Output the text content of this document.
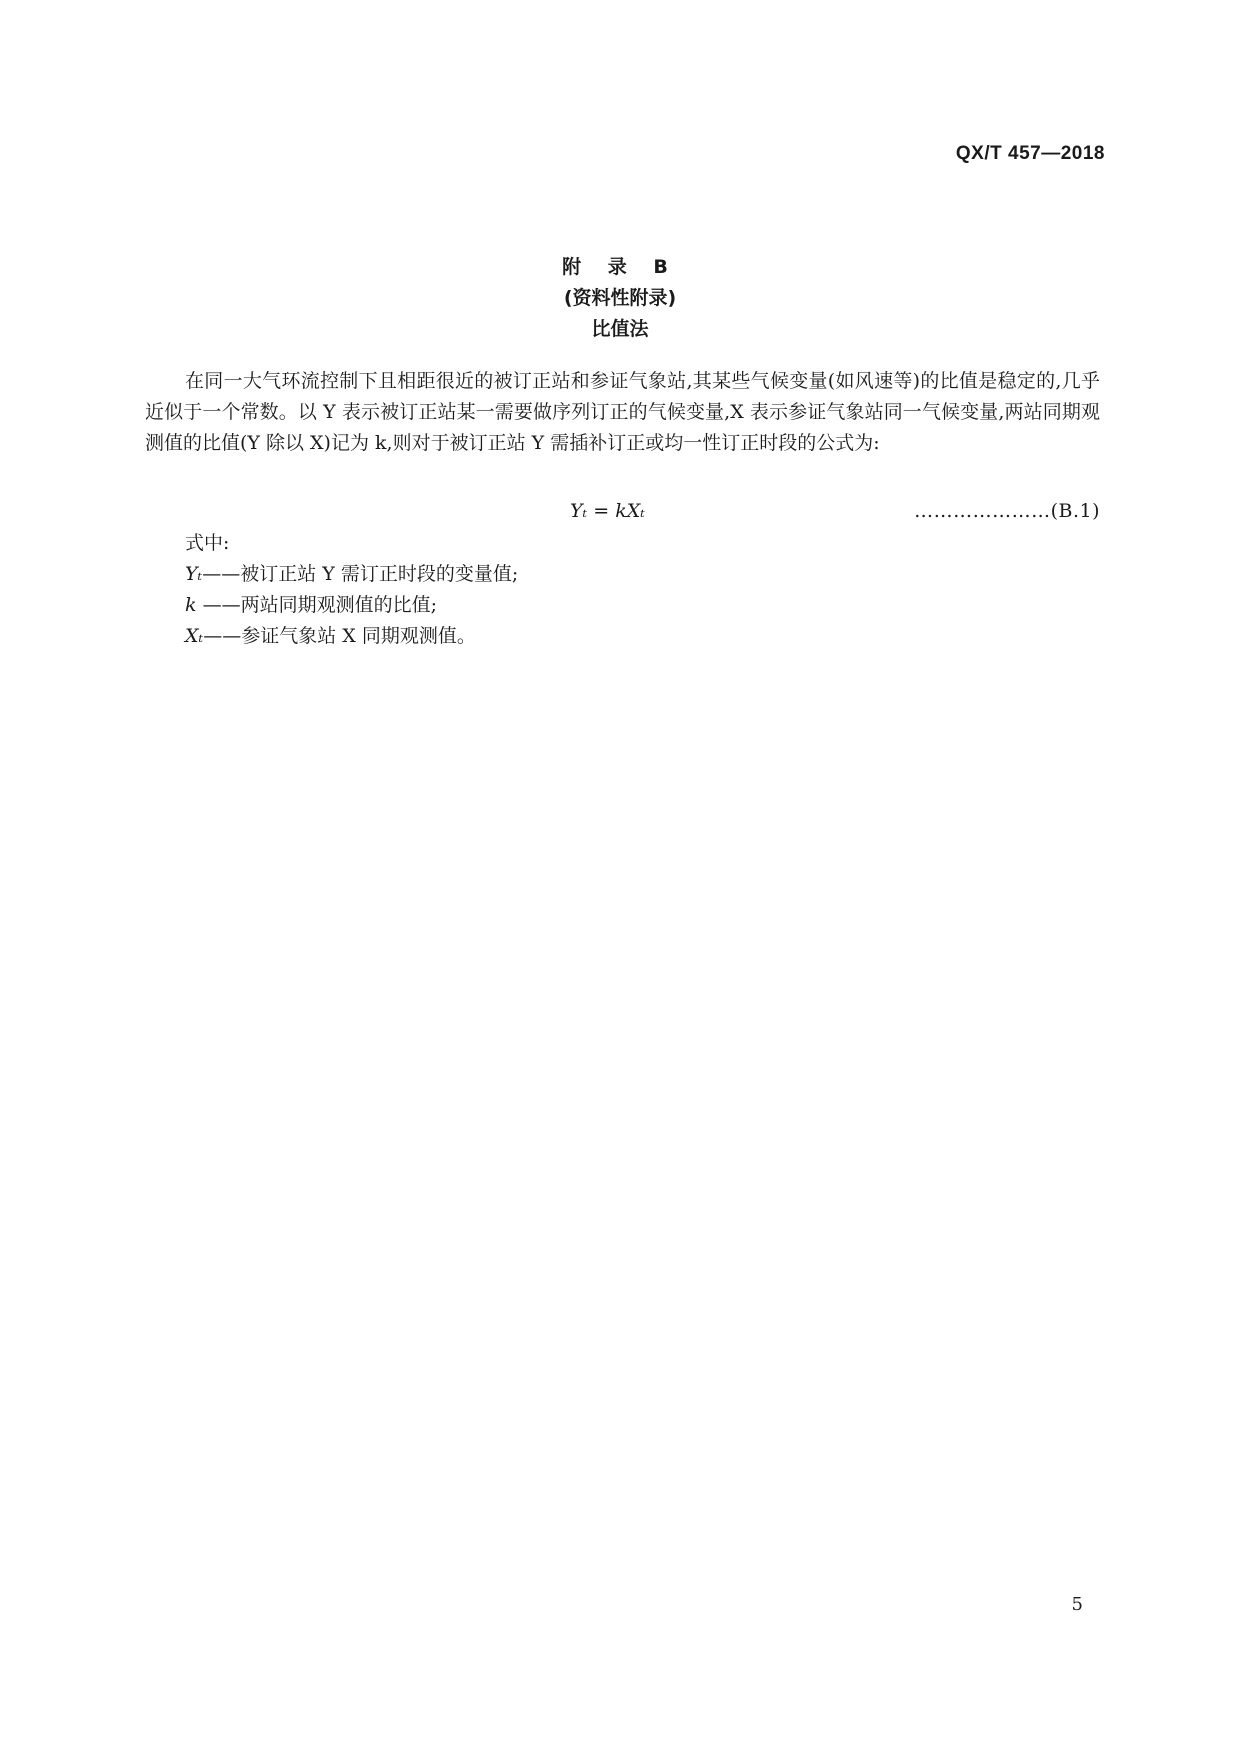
QX/T 457—2018
附 录 B
(资料性附录)
比值法

在同一大气环流控制下且相距很近的被订正站和参证气象站,其某些气候变量(如风速等)的比值是稳定的,几乎近似于一个常数。以 Y 表示被订正站某一需要做序列订正的气候变量,X 表示参证气象站同一气候变量,两站同期观测值的比值(Y 除以 X)记为 k,则对于被订正站 Y 需插补订正或均一性订正时段的公式为:

Yₜ = kXₜ	…………………(B.1)
式中:
Yₜ——被订正站 Y 需订正时段的变量值;
k ——两站同期观测值的比值;
Xₜ——参证气象站 X 同期观测值。
5
